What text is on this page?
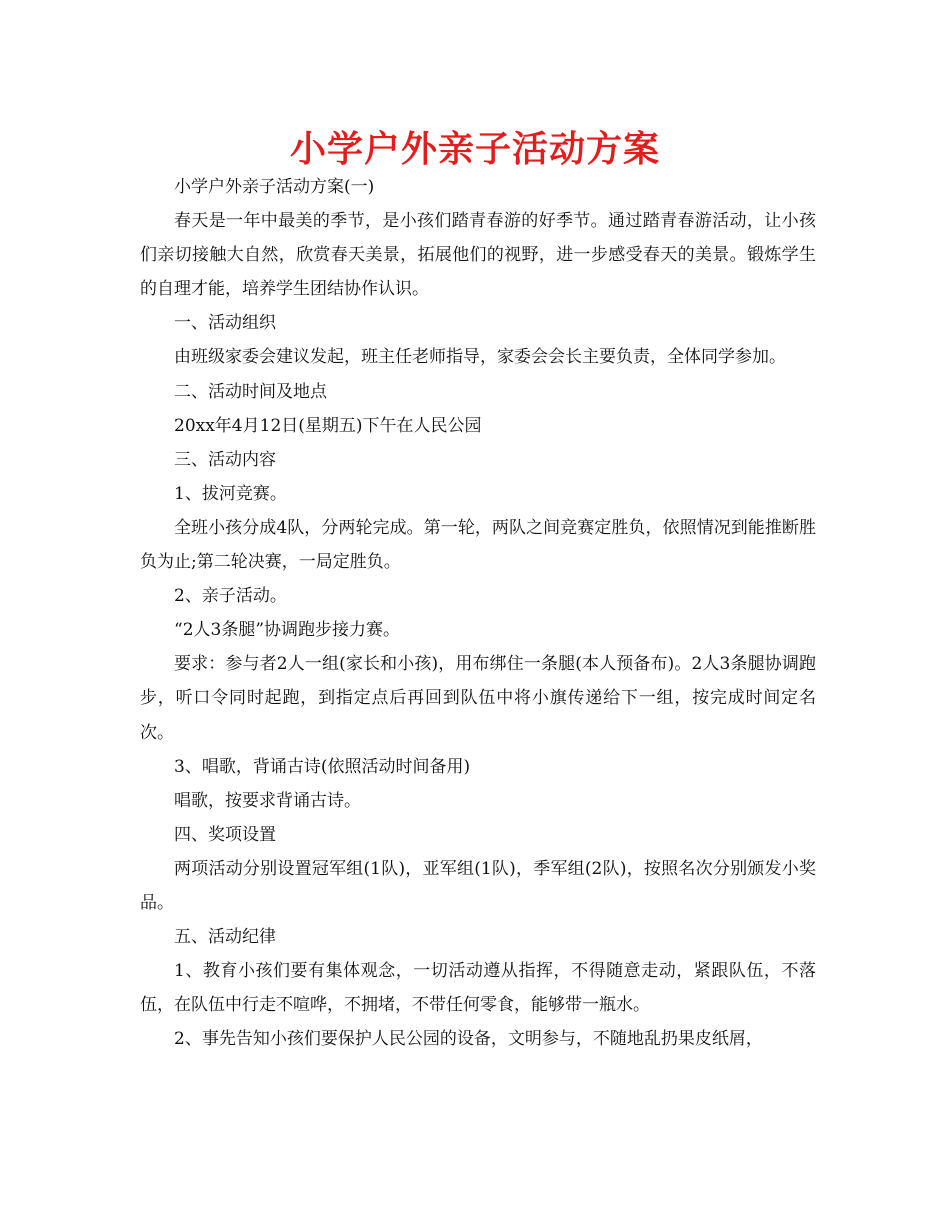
小学户外亲子活动方案

小学户外亲子活动方案(一)

春天是一年中最美的季节，是小孩们踏青春游的好季节。通过踏青春游活动，让小孩们亲切接触大自然，欣赏春天美景，拓展他们的视野，进一步感受春天的美景。锻炼学生的自理才能，培养学生团结协作认识。

一、活动组织

由班级家委会建议发起，班主任老师指导，家委会会长主要负责，全体同学参加。

二、活动时间及地点

20xx年4月12日(星期五)下午在人民公园

三、活动内容

1、拔河竞赛。

全班小孩分成4队，分两轮完成。第一轮，两队之间竞赛定胜负，依照情况到能推断胜负为止;第二轮决赛，一局定胜负。

2、亲子活动。

“2人3条腿”协调跑步接力赛。

要求：参与者2人一组(家长和小孩)，用布绑住一条腿(本人预备布)。2人3条腿协调跑步，听口令同时起跑，到指定点后再回到队伍中将小旗传递给下一组，按完成时间定名次。

3、唱歌，背诵古诗(依照活动时间备用)

唱歌，按要求背诵古诗。

四、奖项设置

两项活动分别设置冠军组(1队)，亚军组(1队)，季军组(2队)，按照名次分别颁发小奖品。

五、活动纪律

1、教育小孩们要有集体观念，一切活动遵从指挥，不得随意走动，紧跟队伍，不落伍，在队伍中行走不喧哗，不拥堵，不带任何零食，能够带一瓶水。

2、事先告知小孩们要保护人民公园的设备，文明参与，不随地乱扔果皮纸屑，
